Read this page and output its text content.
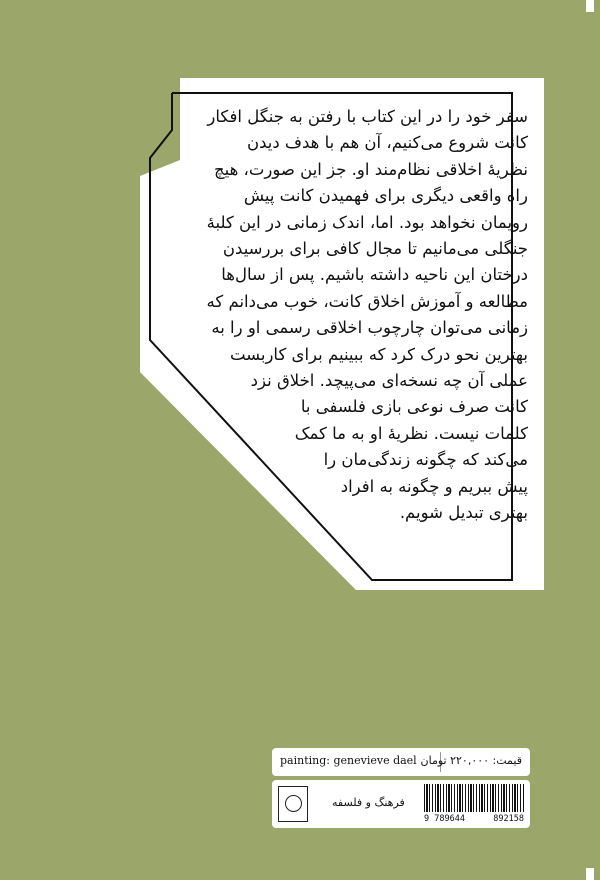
سفر خود را در این کتاب با رفتن به جنگل افکار
کانت شروع می‌کنیم، آن هم با هدف دیدن
نظریهٔ اخلاقی نظام‌مند او. جز این صورت، هیچ
راه واقعی دیگری برای فهمیدن کانت پیش
رویمان نخواهد بود. اما، اندک زمانی در این کلبهٔ
جنگلی می‌مانیم تا مجال کافی برای بررسیدن
درختان این ناحیه داشته باشیم. پس از سال‌ها
مطالعه و آموزش اخلاق کانت، خوب می‌دانم که
زمانی می‌توان چارچوب اخلاقی رسمی او را به
بهترین نحو درک کرد که ببینیم برای کاربست
عملی آن چه نسخه‌ای می‌پیچد. اخلاق نزد
کانت صرف نوعی بازی فلسفی با
کلمات نیست. نظریهٔ او به ما کمک
می‌کند که چگونه زندگی‌مان را
پیش ببریم و چگونه به افراد
بهتری تبدیل شویم.
painting: genevieve dael قیمت: ۲۲۰,۰۰۰ تومان
فرهنگ و فلسفه
9 789644	892158
